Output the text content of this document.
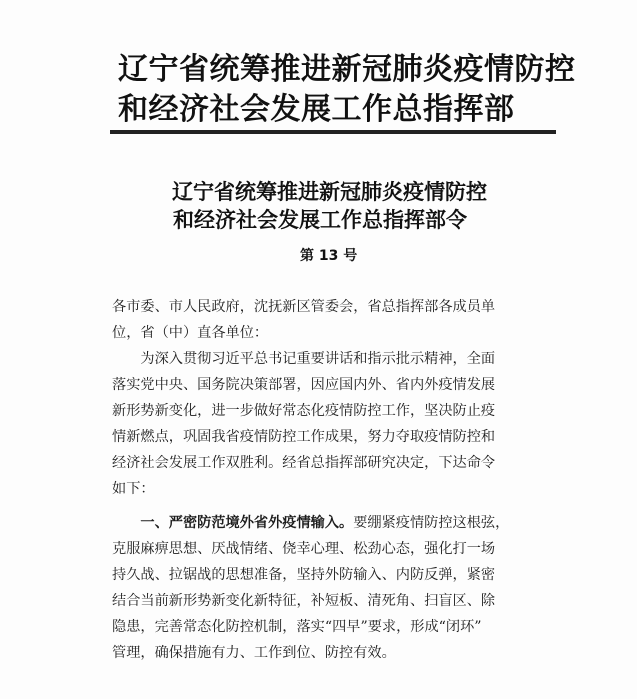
辽宁省统筹推进新冠肺炎疫情防控
和经济社会发展工作总指挥部
辽宁省统筹推进新冠肺炎疫情防控
和经济社会发展工作总指挥部令
第 13 号
各市委、市人民政府，沈抚新区管委会，省总指挥部各成员单
位，省（中）直各单位：
　　为深入贯彻习近平总书记重要讲话和指示批示精神，全面
落实党中央、国务院决策部署，因应国内外、省内外疫情发展
新形势新变化，进一步做好常态化疫情防控工作，坚决防止疫
情新燃点，巩固我省疫情防控工作成果，努力夺取疫情防控和
经济社会发展工作双胜利。经省总指挥部研究决定，下达命令
如下：
　　一、严密防范境外省外疫情输入。要绷紧疫情防控这根弦，
克服麻痹思想、厌战情绪、侥幸心理、松劲心态，强化打一场
持久战、拉锯战的思想准备，坚持外防输入、内防反弹，紧密
结合当前新形势新变化新特征，补短板、清死角、扫盲区、除
隐患，完善常态化防控机制，落实“四早”要求，形成“闭环”
管理，确保措施有力、工作到位、防控有效。
